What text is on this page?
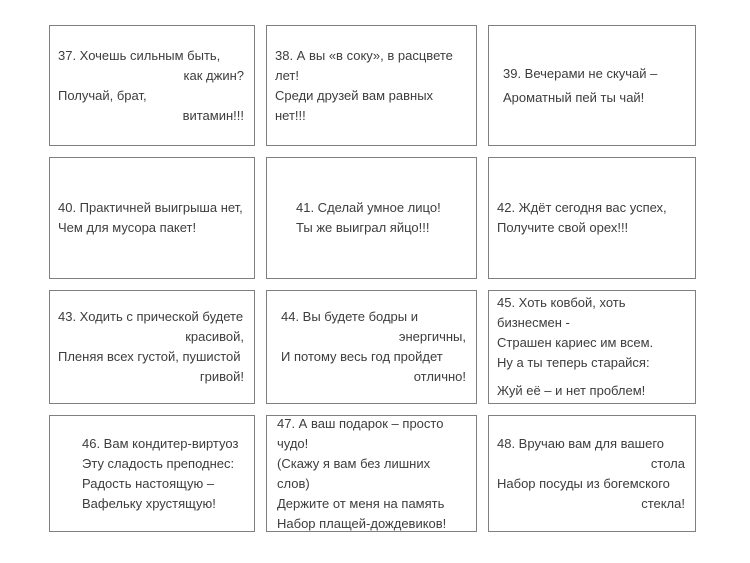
37. Хочешь сильным быть,
как джин?
Получай, брат,
витамин!!!
38. А вы «в соку», в расцвете лет!
Среди друзей вам равных нет!!!
39. Вечерами не скучай –
Ароматный пей ты чай!
40. Практичней выигрыша нет,
Чем для мусора пакет!
41. Сделай умное лицо!
Ты же выиграл яйцо!!!
42. Ждёт сегодня вас успех,
Получите свой орех!!!
43. Ходить с прической будете
красивой,
Пленяя всех густой, пушистой
гривой!
44. Вы будете бодры и
энергичны,
И потому весь год пройдет
отлично!
45. Хоть ковбой, хоть бизнесмен -
Страшен кариес им всем.
Ну а ты теперь старайся:
Жуй её – и нет проблем!
46. Вам кондитер-виртуоз
Эту сладость преподнес:
Радость настоящую –
Вафельку хрустящую!
47. А ваш подарок – просто чудо!
(Скажу я вам без лишних слов)
Держите от меня на память
Набор плащей-дождевиков!
48. Вручаю вам для вашего
стола
Набор посуды из богемского
стекла!
